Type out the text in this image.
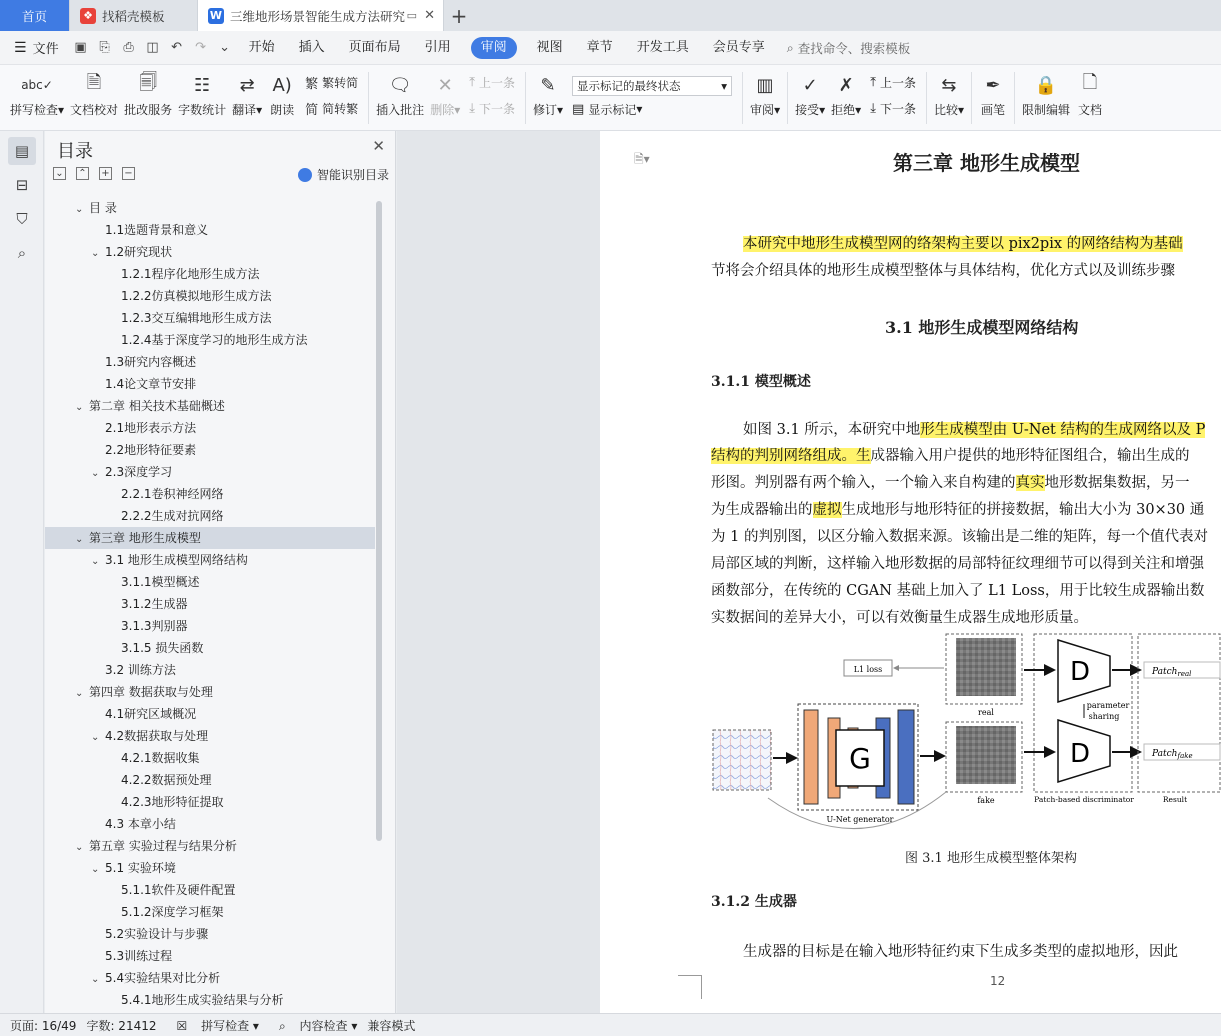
首页	❖ 找稻壳模板	W 三维地形场景智能生成方法研究 ▭ ✕ +
☰ 文件	▣ ⎘	⎙ ◫ ↶	↷	⌄	开始	插入	页面布局	引用	审阅	视图	章节	开发工具	会员专享	⌕ 查找命令、搜索模板
abc✓
拼写检查▾
🗎
文档校对
🗐
批改服务
☷
字数统计
⇄
翻译▾
A)
朗读
繁 繁转简
简 简转繁
🗨
插入批注
✕
删除▾
⤒ 上一条
⤓ 下一条
✎
修订▾
显示标记的最终状态	▾
▤ 显示标记 ▾
▥
审阅▾
✓
接受▾
✗
拒绝▾
⤒ 上一条
⤓ 下一条
⇆
比较▾
✒
画笔
🔒
限制编辑
🗋
文档
▤
⊟
⛉
⌕
目录	✕
⌄ ⌃ + −	智能识别目录
⌄ 目 录
1.1选题背景和意义
⌄ 1.2研究现状
1.2.1程序化地形生成方法
1.2.2仿真模拟地形生成方法
1.2.3交互编辑地形生成方法
1.2.4基于深度学习的地形生成方法
1.3研究内容概述
1.4论文章节安排
⌄ 第二章 相关技术基础概述
2.1地形表示方法
2.2地形特征要素
⌄ 2.3深度学习
2.2.1卷积神经网络
2.2.2生成对抗网络
⌄ 第三章 地形生成模型
⌄ 3.1 地形生成模型网络结构
3.1.1模型概述
3.1.2生成器
3.1.3判别器
3.1.5 损失函数
3.2 训练方法
⌄ 第四章 数据获取与处理
4.1研究区域概况
⌄ 4.2数据获取与处理
4.2.1数据收集
4.2.2数据预处理
4.2.3地形特征提取
4.3 本章小结
⌄ 第五章 实验过程与结果分析
⌄ 5.1 实验环境
5.1.1软件及硬件配置
5.1.2深度学习框架
5.2实验设计与步骤
5.3训练过程
⌄ 5.4实验结果对比分析
5.4.1地形生成实验结果与分析
🗎▾	第三章 地形生成模型
本研究中地形生成模型网的络架构主要以 pix2pix 的网络结构为基础
节将会介绍具体的地形生成模型整体与具体结构，优化方式以及训练步骤
3.1 地形生成模型网络结构
3.1.1 模型概述
如图 3.1 所示，本研究中地形生成模型由 U-Net 结构的生成网络以及 P
结构的判别网络组成。生成器输入用户提供的地形特征图组合，输出生成的
形图。判别器有两个输入，一个输入来自构建的真实地形数据集数据，另一
为生成器输出的虚拟生成地形与地形特征的拼接数据，输出大小为 30×30 通
为 1 的判别图，以区分输入数据来源。该输出是二维的矩阵，每一个值代表对
局部区域的判断，这样输入地形数据的局部特征纹理细节可以得到关注和增强
函数部分，在传统的 CGAN 基础上加入了 L1 Loss，用于比较生成器输出数
实数据间的差异大小，可以有效衡量生成器生成地形质量。
G
U-Net generator
real
fake
L1 loss	D
D
parameter
sharing
Patch-based discriminator
Patch$_{real}$
Patch$_{fake}$
Result
图 3.1 地形生成模型整体架构
3.1.2 生成器
生成器的目标是在输入地形特征约束下生成多类型的虚拟地形，因此
12
页面: 16/49 字数: 21412	☒ 拼写检查 ▾	⌕ 内容检查 ▾ 兼容模式
